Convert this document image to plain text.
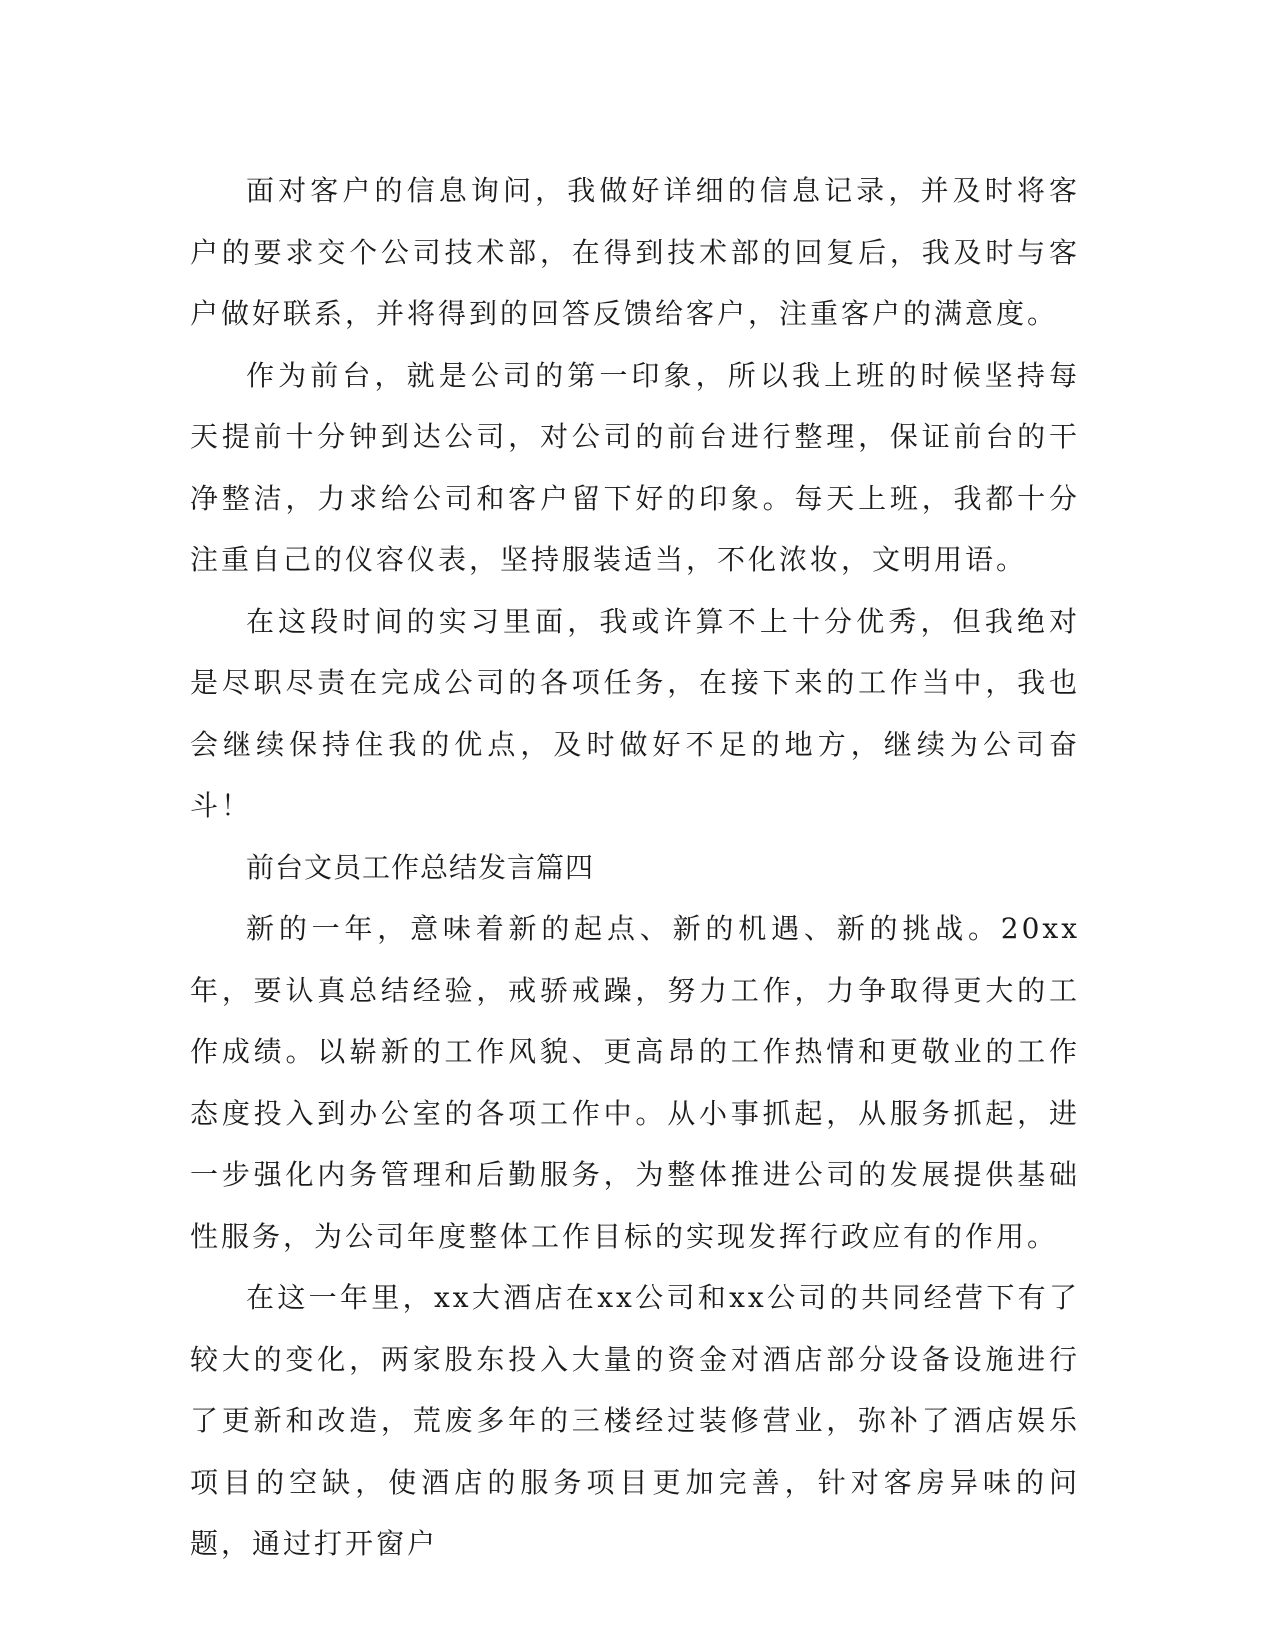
面对客户的信息询问，我做好详细的信息记录，并及时将客户的要求交个公司技术部，在得到技术部的回复后，我及时与客户做好联系，并将得到的回答反馈给客户，注重客户的满意度。

作为前台，就是公司的第一印象，所以我上班的时候坚持每天提前十分钟到达公司，对公司的前台进行整理，保证前台的干净整洁，力求给公司和客户留下好的印象。每天上班，我都十分注重自己的仪容仪表，坚持服装适当，不化浓妆，文明用语。

在这段时间的实习里面，我或许算不上十分优秀，但我绝对是尽职尽责在完成公司的各项任务，在接下来的工作当中，我也会继续保持住我的优点，及时做好不足的地方，继续为公司奋斗！

前台文员工作总结发言篇四

新的一年，意味着新的起点、新的机遇、新的挑战。20xx年，要认真总结经验，戒骄戒躁，努力工作，力争取得更大的工作成绩。以崭新的工作风貌、更高昂的工作热情和更敬业的工作态度投入到办公室的各项工作中。从小事抓起，从服务抓起，进一步强化内务管理和后勤服务，为整体推进公司的发展提供基础性服务，为公司年度整体工作目标的实现发挥行政应有的作用。

在这一年里，xx大酒店在xx公司和xx公司的共同经营下有了较大的变化，两家股东投入大量的资金对酒店部分设备设施进行了更新和改造，荒废多年的三楼经过装修营业，弥补了酒店娱乐项目的空缺，使酒店的服务项目更加完善，针对客房异味的问题，通过打开窗户
